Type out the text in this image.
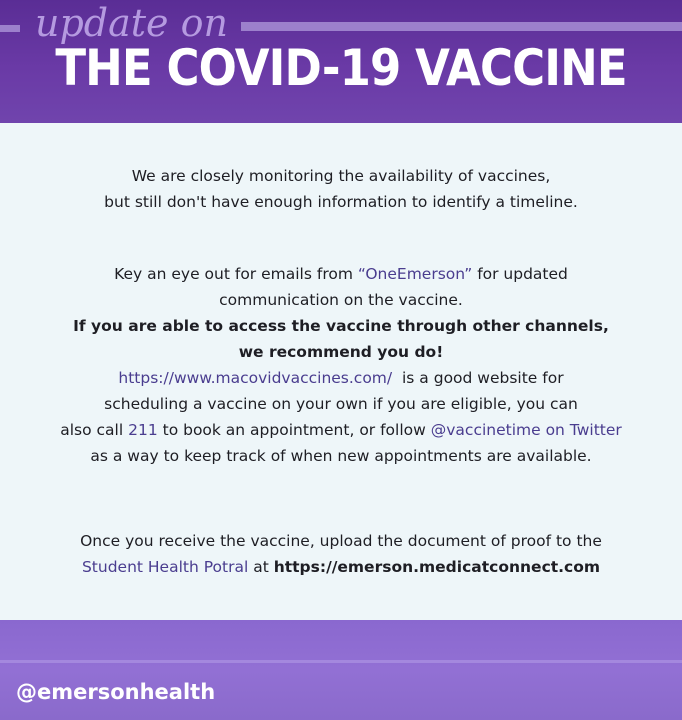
update on
THE COVID-19 VACCINE
We are closely monitoring the availability of vaccines,
but still don't have enough information to identify a timeline.
Key an eye out for emails from “OneEmerson” for updated
communication on the vaccine.
If you are able to access the vaccine through other channels,
we recommend you do!
https://www.macovidvaccines.com/  is a good website for
scheduling a vaccine on your own if you are eligible, you can
also call 211 to book an appointment, or follow @vaccinetime on Twitter
as a way to keep track of when new appointments are available.
Once you receive the vaccine, upload the document of proof to the
Student Health Potral at https://emerson.medicatconnect.com
@emersonhealth
